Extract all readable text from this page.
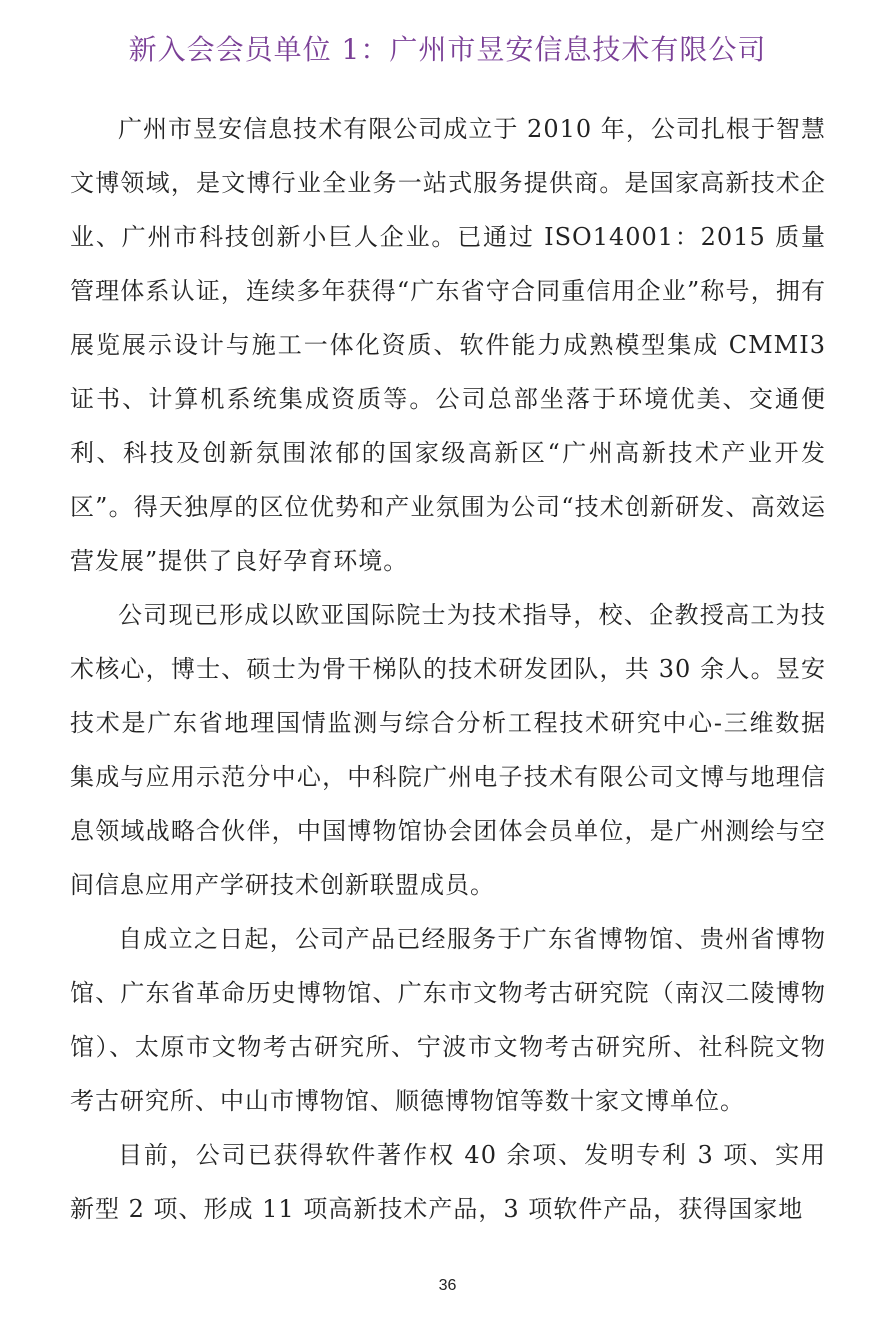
新入会会员单位 1：广州市昱安信息技术有限公司

广州市昱安信息技术有限公司成立于 2010 年，公司扎根于智慧文博领域，是文博行业全业务一站式服务提供商。是国家高新技术企业、广州市科技创新小巨人企业。已通过 ISO14001：2015 质量管理体系认证，连续多年获得“广东省守合同重信用企业”称号，拥有展览展示设计与施工一体化资质、软件能力成熟模型集成 CMMI3 证书、计算机系统集成资质等。公司总部坐落于环境优美、交通便利、科技及创新氛围浓郁的国家级高新区“广州高新技术产业开发区”。得天独厚的区位优势和产业氛围为公司“技术创新研发、高效运营发展”提供了良好孕育环境。

公司现已形成以欧亚国际院士为技术指导，校、企教授高工为技术核心，博士、硕士为骨干梯队的技术研发团队，共 30 余人。昱安技术是广东省地理国情监测与综合分析工程技术研究中心-三维数据集成与应用示范分中心，中科院广州电子技术有限公司文博与地理信息领域战略合伙伴，中国博物馆协会团体会员单位，是广州测绘与空间信息应用产学研技术创新联盟成员。

自成立之日起，公司产品已经服务于广东省博物馆、贵州省博物馆、广东省革命历史博物馆、广东市文物考古研究院（南汉二陵博物馆）、太原市文物考古研究所、宁波市文物考古研究所、社科院文物考古研究所、中山市博物馆、顺德博物馆等数十家文博单位。

目前，公司已获得软件著作权 40 余项、发明专利 3 项、实用新型 2 项、形成 11 项高新技术产品，3 项软件产品，获得国家地

36
